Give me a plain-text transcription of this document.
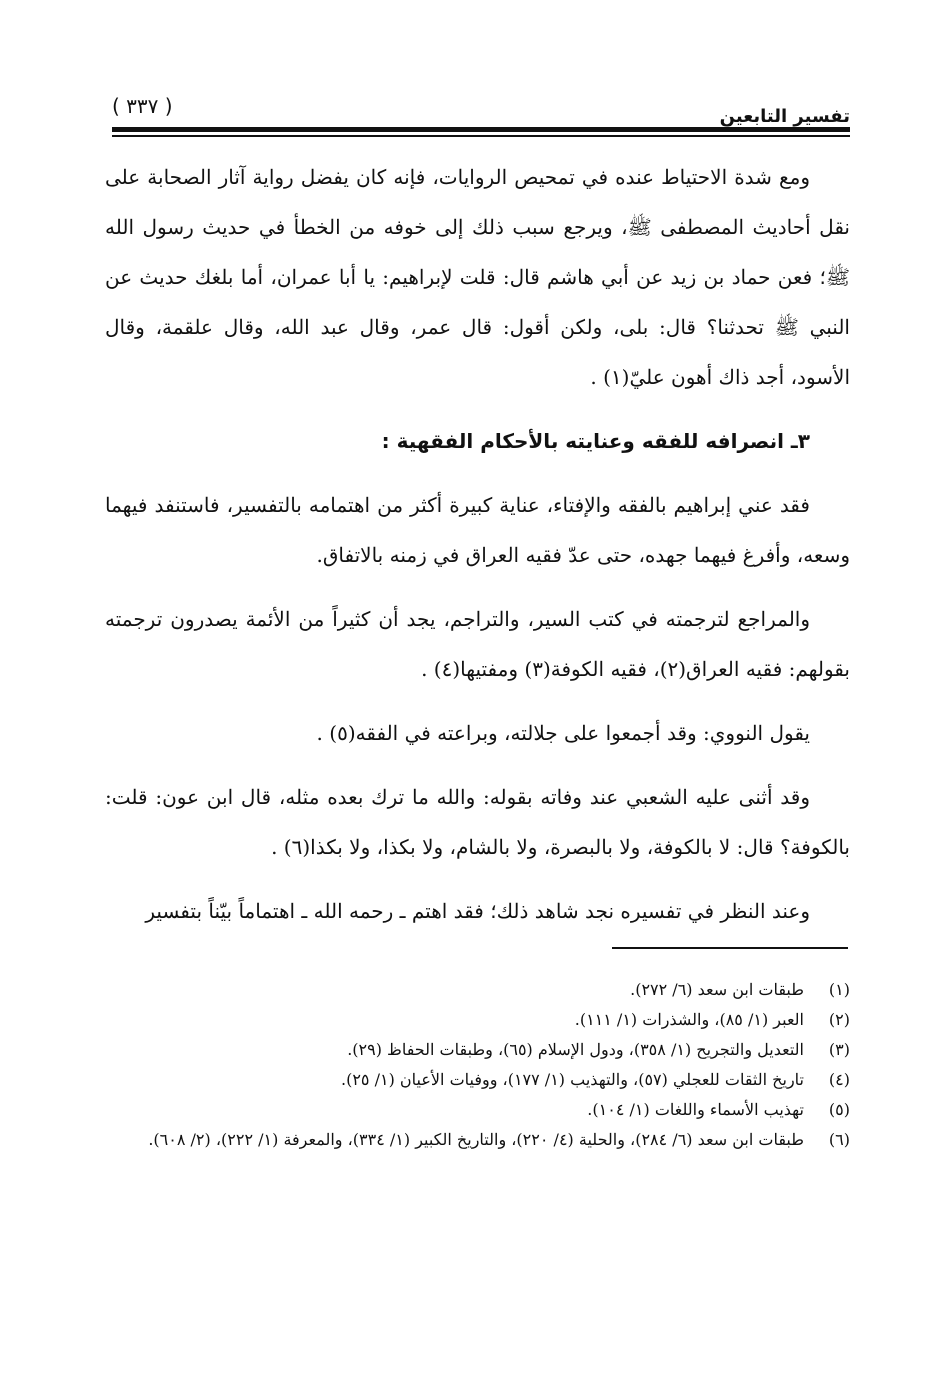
تفسير التابعين
( ٣٣٧ )

ومع شدة الاحتياط عنده في تمحيص الروايات، فإنه كان يفضل رواية آثار الصحابة على نقل أحاديث المصطفى ﷺ، ويرجع سبب ذلك إلى خوفه من الخطأ في حديث رسول الله ﷺ؛ فعن حماد بن زيد عن أبي هاشم قال: قلت لإبراهيم: يا أبا عمران، أما بلغك حديث عن النبي ﷺ تحدثنا؟ قال: بلى، ولكن أقول: قال عمر، وقال عبد الله، وقال علقمة، وقال الأسود، أجد ذاك أهون عليّ(١) .

٣ـ انصرافه للفقه وعنايته بالأحكام الفقهية :

فقد عني إبراهيم بالفقه والإفتاء، عناية كبيرة أكثر من اهتمامه بالتفسير، فاستنفد فيهما وسعه، وأفرغ فيهما جهده، حتى عدّ فقيه العراق في زمنه بالاتفاق.

والمراجع لترجمته في كتب السير، والتراجم، يجد أن كثيراً من الأئمة يصدرون ترجمته بقولهم: فقيه العراق(٢)، فقيه الكوفة(٣) ومفتيها(٤) .

يقول النووي: وقد أجمعوا على جلالته، وبراعته في الفقه(٥) .

وقد أثنى عليه الشعبي عند وفاته بقوله: والله ما ترك بعده مثله، قال ابن عون: قلت: بالكوفة؟ قال: لا بالكوفة، ولا بالبصرة، ولا بالشام، ولا بكذا، ولا بكذا(٦) .

وعند النظر في تفسيره نجد شاهد ذلك؛ فقد اهتم ـ رحمه الله ـ اهتماماً بيّناً بتفسير

(١)
طبقات ابن سعد (٦/ ٢٧٢).
(٢)
العبر (١/ ٨٥)، والشذرات (١/ ١١١).
(٣)
التعديل والتجريح (١/ ٣٥٨)، ودول الإسلام (٦٥)، وطبقات الحفاظ (٢٩).
(٤)
تاريخ الثقات للعجلي (٥٧)، والتهذيب (١/ ١٧٧)، ووفيات الأعيان (١/ ٢٥).
(٥)
تهذيب الأسماء واللغات (١/ ١٠٤).
(٦)
طبقات ابن سعد (٦/ ٢٨٤)، والحلية (٤/ ٢٢٠)، والتاريخ الكبير (١/ ٣٣٤)، والمعرفة (١/ ٢٢٢)، (٢/ ٦٠٨).
